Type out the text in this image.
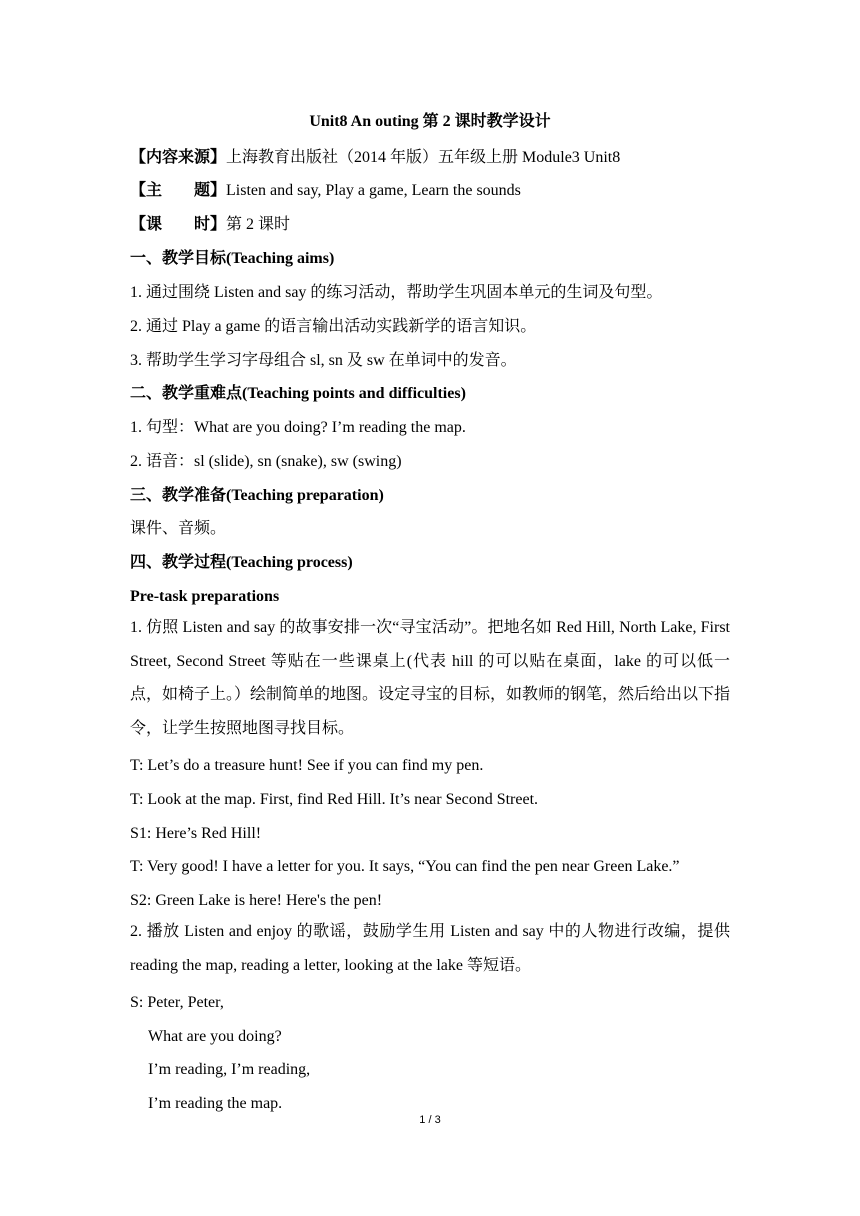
Unit8 An outing 第 2 课时教学设计
【内容来源】上海教育出版社（2014 年版）五年级上册 Module3 Unit8
【主　　题】Listen and say, Play a game, Learn the sounds
【课　　时】第 2 课时
一、教学目标(Teaching aims)
1. 通过围绕 Listen and say 的练习活动，帮助学生巩固本单元的生词及句型。
2. 通过 Play a game 的语言输出活动实践新学的语言知识。
3. 帮助学生学习字母组合 sl, sn 及 sw 在单词中的发音。
二、教学重难点(Teaching points and difficulties)
1. 句型：What are you doing? I’m reading the map.
2. 语音：sl (slide), sn (snake), sw (swing)
三、教学准备(Teaching preparation)
课件、音频。
四、教学过程(Teaching process)
Pre-task preparations
1. 仿照 Listen and say 的故事安排一次“寻宝活动”。把地名如 Red Hill, North Lake, First Street, Second Street 等贴在一些课桌上(代表 hill 的可以贴在桌面，lake 的可以低一点，如椅子上。）绘制简单的地图。设定寻宝的目标，如教师的钢笔，然后给出以下指令，让学生按照地图寻找目标。
T: Let’s do a treasure hunt! See if you can find my pen.
T: Look at the map. First, find Red Hill. It’s near Second Street.
S1: Here’s Red Hill!
T: Very good! I have a letter for you. It says, “You can find the pen near Green Lake.”
S2: Green Lake is here! Here's the pen!
2. 播放 Listen and enjoy 的歌谣，鼓励学生用 Listen and say 中的人物进行改编，提供 reading the map, reading a letter, looking at the lake 等短语。
S: Peter, Peter,
What are you doing?
I’m reading, I’m reading,
I’m reading the map.
1 / 3
